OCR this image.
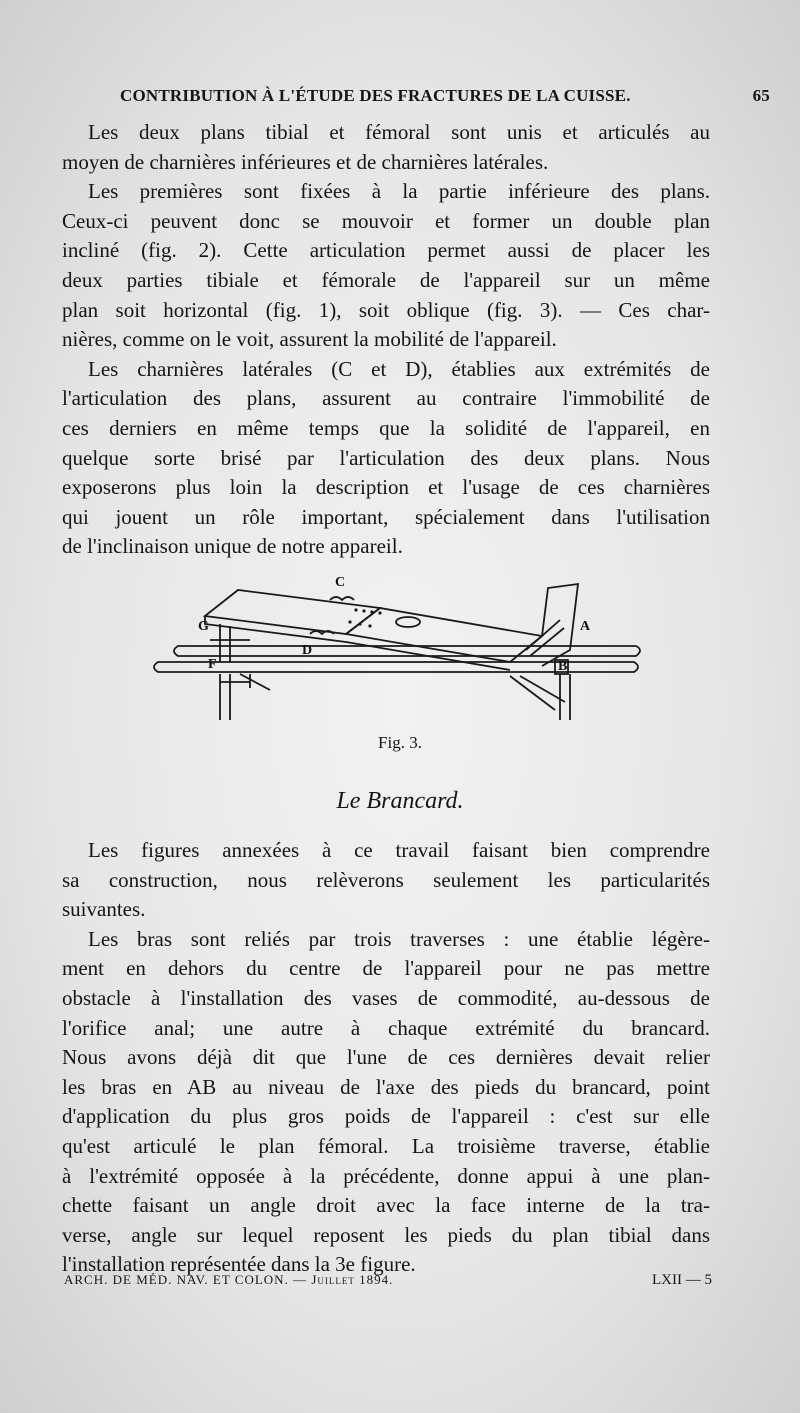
CONTRIBUTION À L'ÉTUDE DES FRACTURES DE LA CUISSE.	65
Les deux plans tibial et fémoral sont unis et articulés au
moyen de charnières inférieures et de charnières latérales.
Les premières sont fixées à la partie inférieure des plans.
Ceux-ci peuvent donc se mouvoir et former un double plan
incliné (fig. 2). Cette articulation permet aussi de placer les
deux parties tibiale et fémorale de l'appareil sur un même
plan soit horizontal (fig. 1), soit oblique (fig. 3). — Ces char-
nières, comme on le voit, assurent la mobilité de l'appareil.
Les charnières latérales (C et D), établies aux extrémités de
l'articulation des plans, assurent au contraire l'immobilité de
ces derniers en même temps que la solidité de l'appareil, en
quelque sorte brisé par l'articulation des deux plans. Nous
exposerons plus loin la description et l'usage de ces charnières
qui jouent un rôle important, spécialement dans l'utilisation
de l'inclinaison unique de notre appareil.
C
G	A
F
D
B
Fig. 3.
Le Brancard.
Les figures annexées à ce travail faisant bien comprendre
sa construction, nous relèverons seulement les particularités
suivantes.
Les bras sont reliés par trois traverses : une établie légère-
ment en dehors du centre de l'appareil pour ne pas mettre
obstacle à l'installation des vases de commodité, au-dessous de
l'orifice anal; une autre à chaque extrémité du brancard.
Nous avons déjà dit que l'une de ces dernières devait relier
les bras en AB au niveau de l'axe des pieds du brancard, point
d'application du plus gros poids de l'appareil : c'est sur elle
qu'est articulé le plan fémoral. La troisième traverse, établie
à l'extrémité opposée à la précédente, donne appui à une plan-
chette faisant un angle droit avec la face interne de la tra-
verse, angle sur lequel reposent les pieds du plan tibial dans
l'installation représentée dans la 3e figure.
ARCH. DE MÉD. NAV. ET COLON. — Juillet 1894.	LXII — 5
